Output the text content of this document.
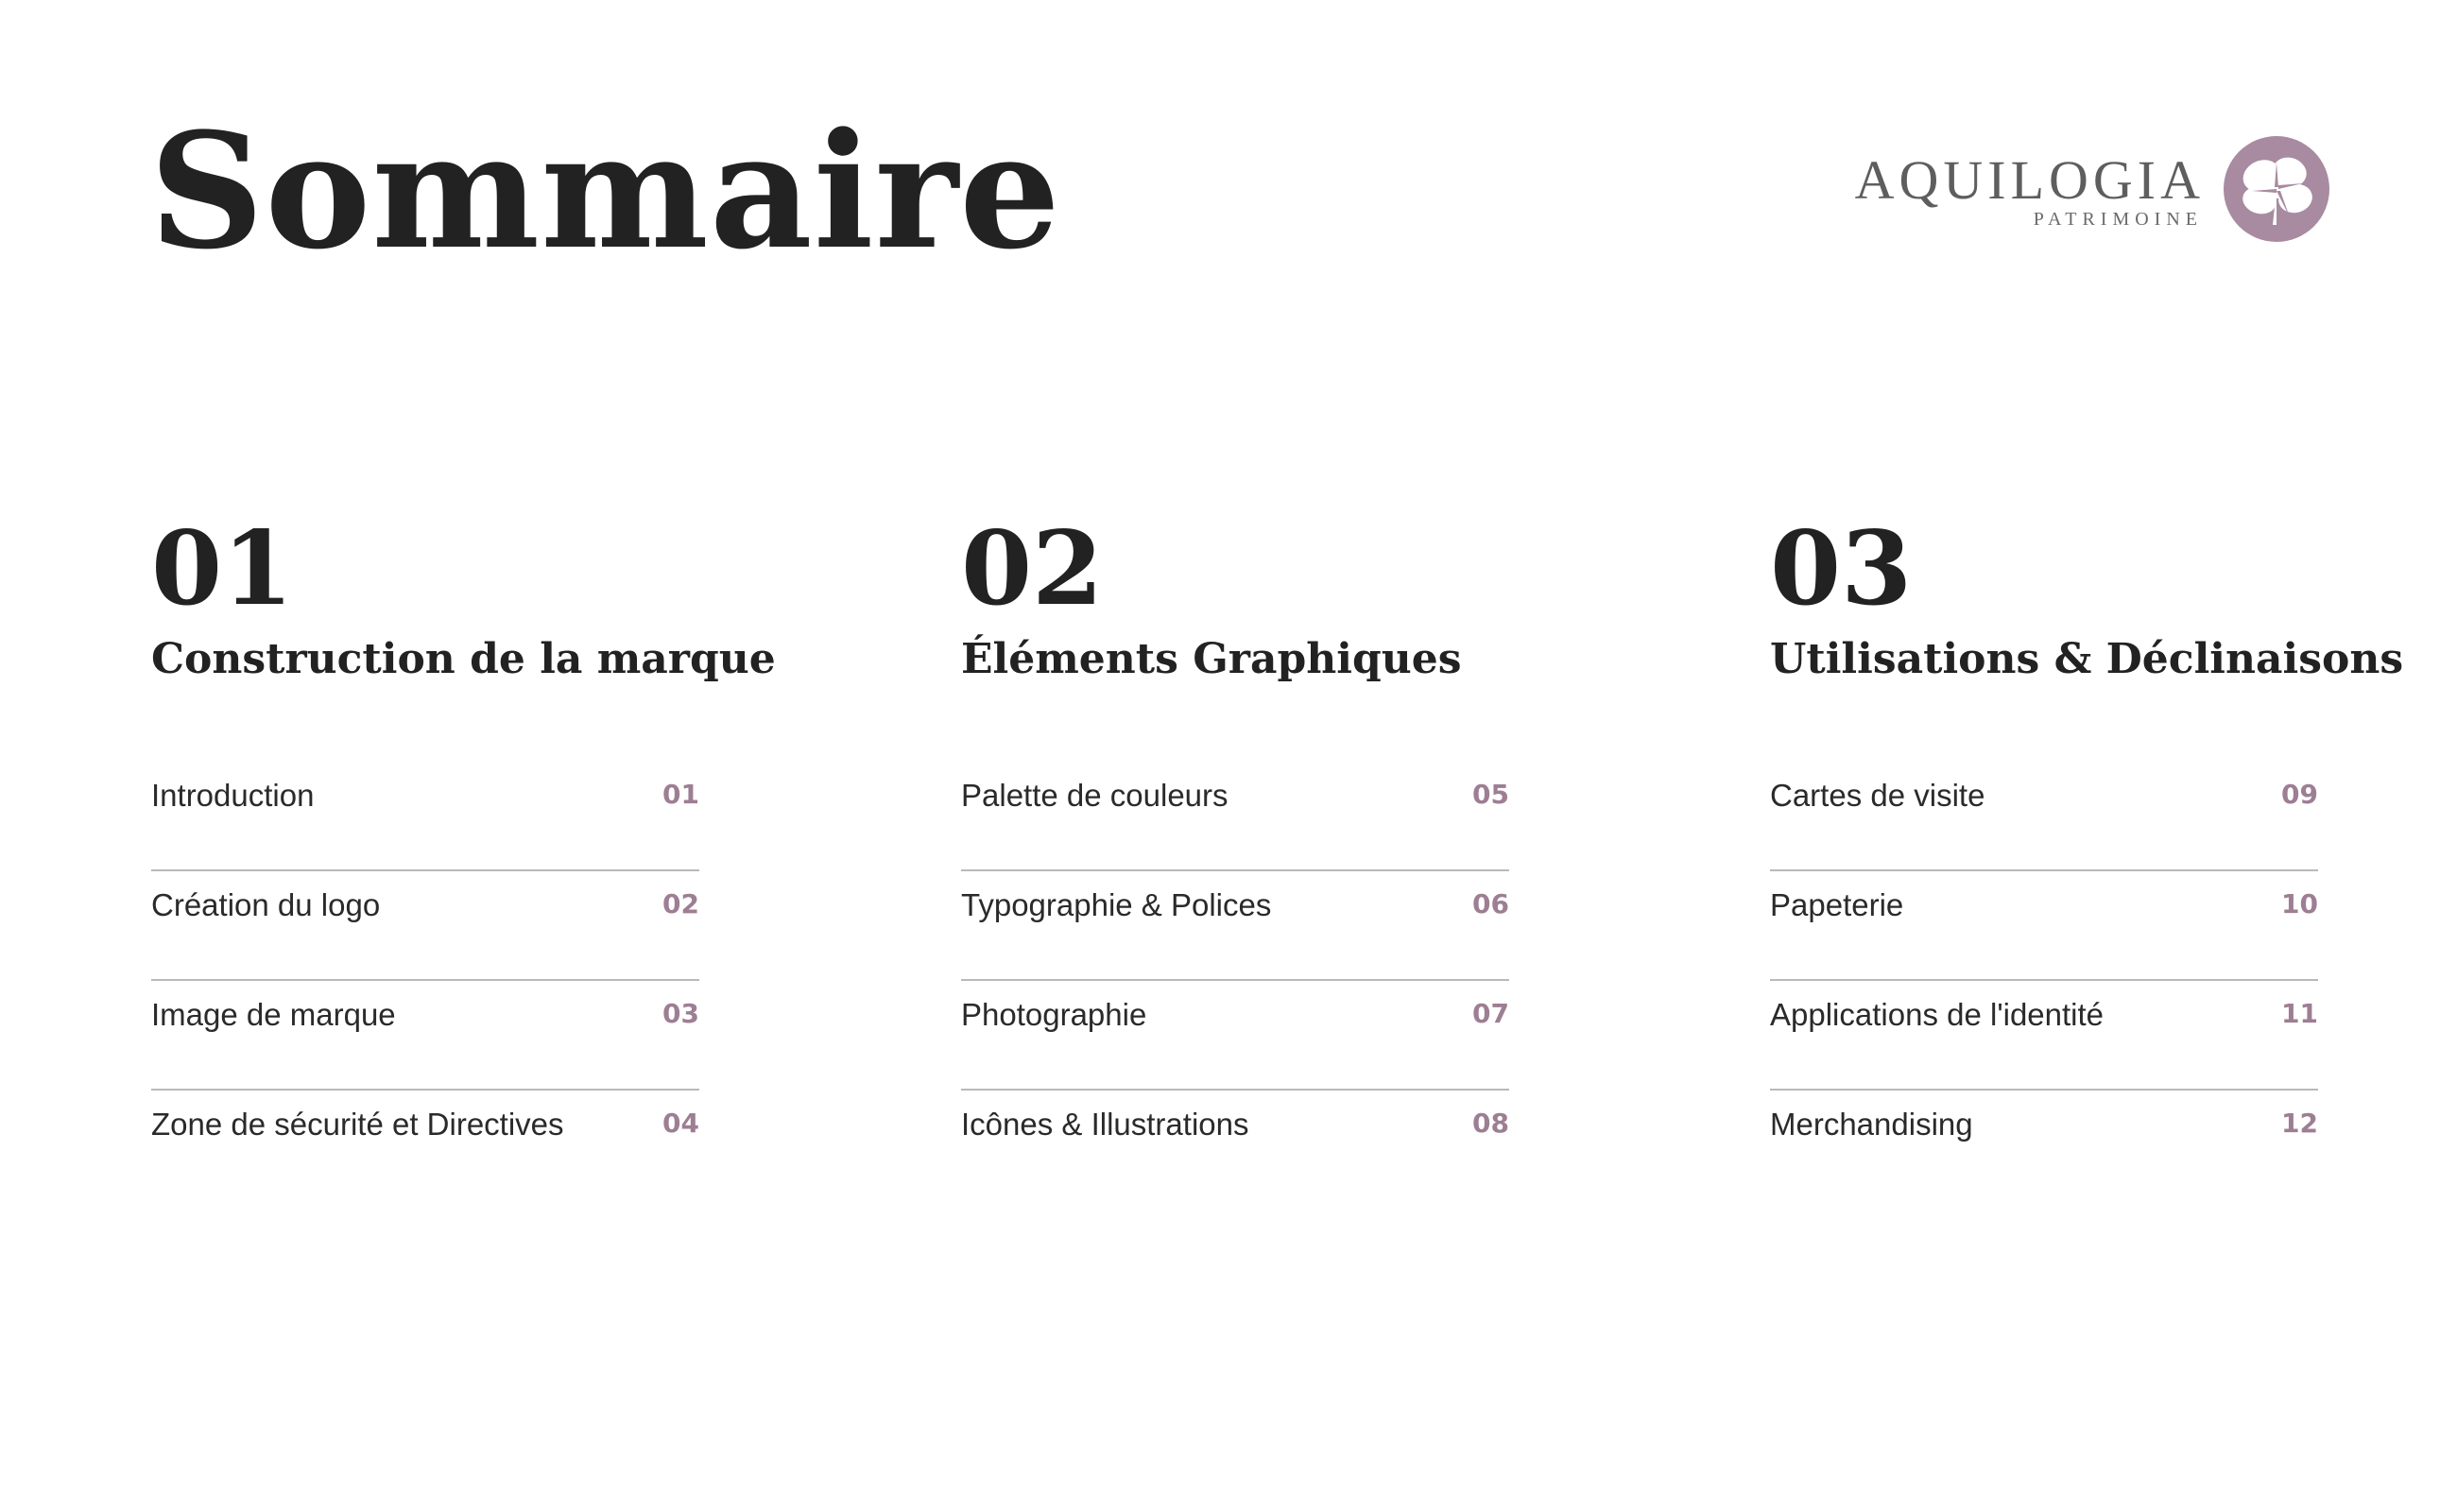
Sommaire	AQUILOGIA
PATRIMOINE
01
Construction de la marque
Introduction	01
Création du logo	02
Image de marque	03
Zone de sécurité et Directives	04
02
Éléments Graphiques
Palette de couleurs	05
Typographie & Polices	06
Photographie	07
Icônes & Illustrations	08
03
Utilisations & Déclinaisons
Cartes de visite	09
Papeterie	10
Applications de l'identité	11
Merchandising	12
